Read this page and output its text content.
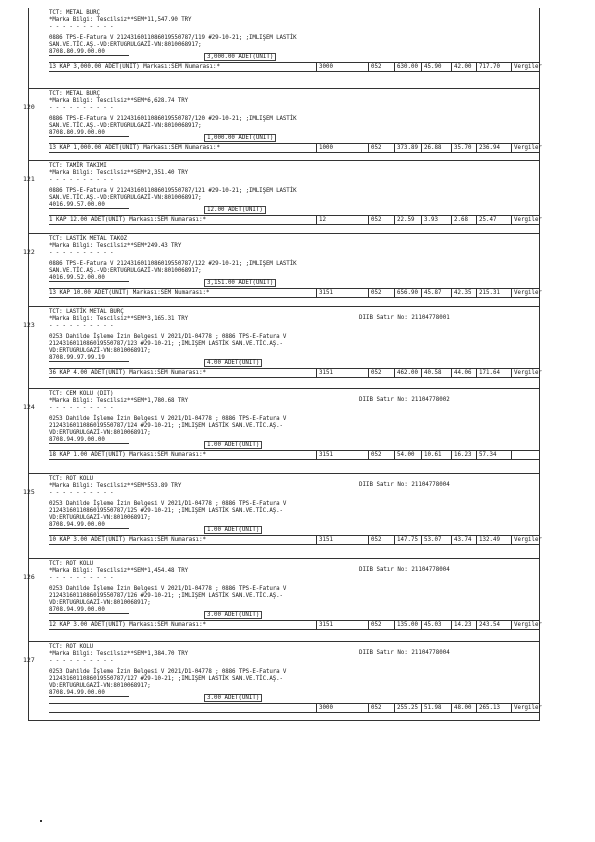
TCT: METAL BURÇ
*Marka Bilgi: Tescilsiz**SEM*11,547.90 TRY
- - - - - - - - - -
0886 TPS-E-Fatura V 2124316011086019550787/119 #29-10-21; ;IMLIŞEM LASTİK
SAN.VE.TİC.AŞ.-VD:ERTUGRULGAZİ-VN:8010068917;
8708.80.99.00.00
3,000.00 ADET(UNIT)
13 KAP 3,000.00 ADET(UNIT) Markası:SEM Numarası:*	3000	052	630.00 45.90 42.00 717.70 Vergiler
120
TCT: METAL BURÇ
*Marka Bilgi: Tescilsiz**SEM*6,628.74 TRY
- - - - - - - - - -
0886 TPS-E-Fatura V 2124316011086019550787/120 #29-10-21; ;IMLIŞEM LASTİK
SAN.VE.TİC.AŞ.-VD:ERTUGRULGAZİ-VN:8010068917;
8708.80.99.00.00
1,000.00 ADET(UNIT)
13 KAP 1,000.00 ADET(UNIT) Markası:SEM Numarası:*	1000	052	373.89 26.88 35.70 236.94 Vergiler
121
TCT: TAMİR TAKIMI
*Marka Bilgi: Tescilsiz**SEM*2,351.40 TRY
- - - - - - - - - -
0886 TPS-E-Fatura V 2124316011086019550787/121 #29-10-21; ;IMLIŞEM LASTİK
SAN.VE.TİC.AŞ.-VD:ERTUGRULGAZİ-VN:8010068917;
4016.99.57.00.00
12.00 ADET(UNIT)
1 KAP 12.00 ADET(UNIT) Markası:SEM Numarası:*	12	052	22.59 3.93	2.68 25.47	Vergiler
122
TCT: LASTİK METAL TAKOZ
*Marka Bilgi: Tescilsiz**SEM*249.43 TRY
- - - - - - - - - -
0886 TPS-E-Fatura V 2124316011086019550787/122 #29-10-21; ;IMLIŞEM LASTİK
SAN.VE.TİC.AŞ.-VD:ERTUGRULGAZİ-VN:8010068917;
4016.99.52.00.00
3,151.00 ADET(UNIT)
13 KAP 10.00 ADET(UNIT) Markası:SEM Numarası:*	3151	052	656.90 45.87 42.35 215.31 Vergiler
123
TCT: LASTİK METAL BURÇ
*Marka Bilgi: Tescilsiz**SEM*3,165.31 TRY
- - - - - - - - - -
DIIB Satır No: 21104778001
0253 Dahilde İşleme İzin Belgesi V 2021/D1-04778 ; 0886 TPS-E-Fatura V
2124316011086019550787/123 #29-10-21; ;IMLIŞEM LASTİK SAN.VE.TİC.AŞ.-
VD:ERTUGRULGAZİ-VN:8010068917;
8708.99.97.99.19
4.00 ADET(UNIT)
36 KAP 4.00 ADET(UNIT) Markası:SEM Numarası:*	3151	052	462.00 40.58 44.06 171.64 Vergiler
124
TCT: CEM KOLU (DIT)
*Marka Bilgi: Tescilsiz**SEM*1,780.68 TRY
- - - - - - - - - -
DIIB Satır No: 21104778002
0253 Dahilde İşleme İzin Belgesi V 2021/D1-04778 ; 0886 TPS-E-Fatura V
2124316011086019550787/124 #29-10-21; ;IMLIŞEM LASTİK SAN.VE.TİC.AŞ.-
VD:ERTUGRULGAZİ-VN:8010068917;
8708.94.99.00.00
1.00 ADET(UNIT)
18 KAP 1.00 ADET(UNIT) Markası:SEM Numarası:*	3151	052	54.00 10.61 16.23 57.34
125
TCT: ROT KOLU
*Marka Bilgi: Tescilsiz**SEM*553.89 TRY
- - - - - - - - - -
DIIB Satır No: 21104778004
0253 Dahilde İşleme İzin Belgesi V 2021/D1-04778 ; 0886 TPS-E-Fatura V
2124316011086019550787/125 #29-10-21; ;IMLIŞEM LASTİK SAN.VE.TİC.AŞ.-
VD:ERTUGRULGAZİ-VN:8010068917;
8708.94.99.00.00
1.00 ADET(UNIT)
10 KAP 3.00 ADET(UNIT) Markası:SEM Numarası:*	3151	052	147.75 53.07 43.74 132.49 Vergiler
126
TCT: ROT KOLU
*Marka Bilgi: Tescilsiz**SEM*1,454.48 TRY
- - - - - - - - - -
DIIB Satır No: 21104778004
0253 Dahilde İşleme İzin Belgesi V 2021/D1-04778 ; 0886 TPS-E-Fatura V
2124316011086019550787/126 #29-10-21; ;IMLIŞEM LASTİK SAN.VE.TİC.AŞ.-
VD:ERTUGRULGAZİ-VN:8010068917;
8708.94.99.00.00
3.00 ADET(UNIT)
12 KAP 3.00 ADET(UNIT) Markası:SEM Numarası:*	3151	052	135.00 45.03 14.23 243.54 Vergiler
127
TCT: ROT KOLU
*Marka Bilgi: Tescilsiz**SEM*1,384.70 TRY
- - - - - - - - - -
DIIB Satır No: 21104778004
0253 Dahilde İşleme İzin Belgesi V 2021/D1-04778 ; 0886 TPS-E-Fatura V
2124316011086019550787/127 #29-10-21; ;IMLIŞEM LASTİK SAN.VE.TİC.AŞ.-
VD:ERTUGRULGAZİ-VN:8010068917;
8708.94.99.00.00
3.00 ADET(UNIT)
3000	052	255.25 51.98 48.00 265.13 Vergiler
